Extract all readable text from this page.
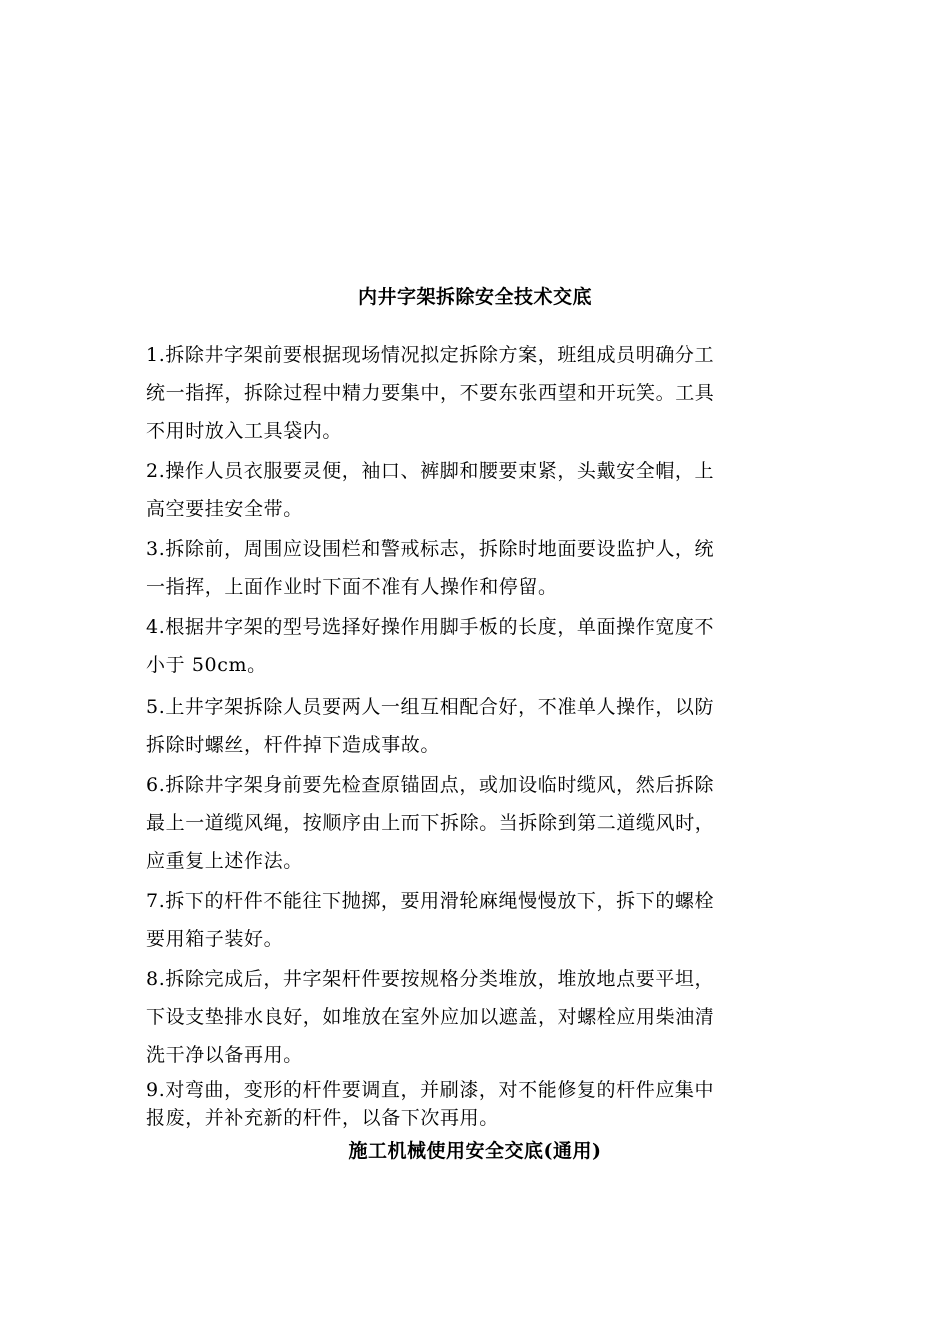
内井字架拆除安全技术交底
1.拆除井字架前要根据现场情况拟定拆除方案，班组成员明确分工
统一指挥，拆除过程中精力要集中，不要东张西望和开玩笑。工具
不用时放入工具袋内。
2.操作人员衣服要灵便，袖口、裤脚和腰要束紧，头戴安全帽，上
高空要挂安全带。
3.拆除前，周围应设围栏和警戒标志，拆除时地面要设监护人，统
一指挥，上面作业时下面不准有人操作和停留。
4.根据井字架的型号选择好操作用脚手板的长度，单面操作宽度不
小于 50cm。
5.上井字架拆除人员要两人一组互相配合好，不准单人操作，以防
拆除时螺丝，杆件掉下造成事故。
6.拆除井字架身前要先检查原锚固点，或加设临时缆风，然后拆除
最上一道缆风绳，按顺序由上而下拆除。当拆除到第二道缆风时，
应重复上述作法。
7.拆下的杆件不能往下抛掷，要用滑轮麻绳慢慢放下，拆下的螺栓
要用箱子装好。
8.拆除完成后，井字架杆件要按规格分类堆放，堆放地点要平坦，
下设支垫排水良好，如堆放在室外应加以遮盖，对螺栓应用柴油清
洗干净以备再用。
9.对弯曲，变形的杆件要调直，并刷漆，对不能修复的杆件应集中
报废，并补充新的杆件，以备下次再用。
施工机械使用安全交底(通用)
